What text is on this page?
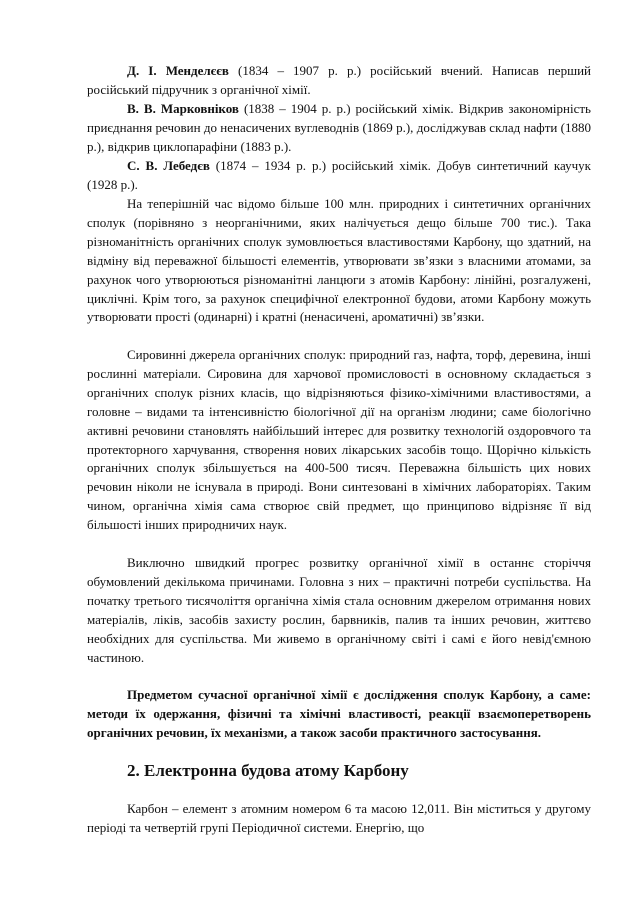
Д. І. Менделєєв (1834 – 1907 р. р.) російський вчений. Написав перший російський підручник з органічної хімії.

В. В. Марковніков (1838 – 1904 р. р.) російський хімік. Відкрив закономірність приєднання речовин до ненасичених вуглеводнів (1869 р.), досліджував склад нафти (1880 р.), відкрив циклопарафіни (1883 р.).

С. В. Лебедєв (1874 – 1934 р. р.) російський хімік. Добув синтетичний каучук (1928 р.).

На теперішній час відомо більше 100 млн. природних і синтетичних органічних сполук (порівняно з неорганічними, яких налічується дещо більше 700 тис.). Така різноманітність органічних сполук зумовлюється властивостями Карбону, що здатний, на відміну від переважної більшості елементів, утворювати зв’язки з власними атомами, за рахунок чого утворюються різноманітні ланцюги з атомів Карбону: лінійні, розгалужені, циклічні. Крім того, за рахунок специфічної електронної будови, атоми Карбону можуть утворювати прості (одинарні) і кратні (ненасичені, ароматичні) зв’язки.

Сировинні джерела органічних сполук: природний газ, нафта, торф, деревина, інші рослинні матеріали. Сировина для харчової промисловості в основному складається з органічних сполук різних класів, що відрізняються фізико-хімічними властивостями, а головне – видами та інтенсивністю біологічної дії на організм людини; саме біологічно активні речовини становлять найбільший інтерес для розвитку технологій оздоровчого та протекторного харчування, створення нових лікарських засобів тощо. Щорічно кількість органічних сполук збільшується на 400-500 тисяч. Переважна більшість цих нових речовин ніколи не існувала в природі. Вони синтезовані в хімічних лабораторіях. Таким чином, органічна хімія сама створює свій предмет, що принципово відрізняє її від більшості інших природничих наук.

Виключно швидкий прогрес розвитку органічної хімії в останнє сторіччя обумовлений декількома причинами. Головна з них – практичні потреби суспільства. На початку третього тисячоліття органічна хімія стала основним джерелом отримання нових матеріалів, ліків, засобів захисту рослин, барвників, палив та інших речовин, життєво необхідних для суспільства. Ми живемо в органічному світі і самі є його невід'ємною частиною.

Предметом сучасної органічної хімії є дослідження сполук Карбону, а саме: методи їх одержання, фізичні та хімічні властивості, реакції взаємоперетворень органічних речовин, їх механізми, а також засоби практичного застосування.

2. Електронна будова атому Карбону

Карбон – елемент з атомним номером 6 та масою 12,011. Він міститься у другому періоді та четвертій групі Періодичної системи. Енергію, що
